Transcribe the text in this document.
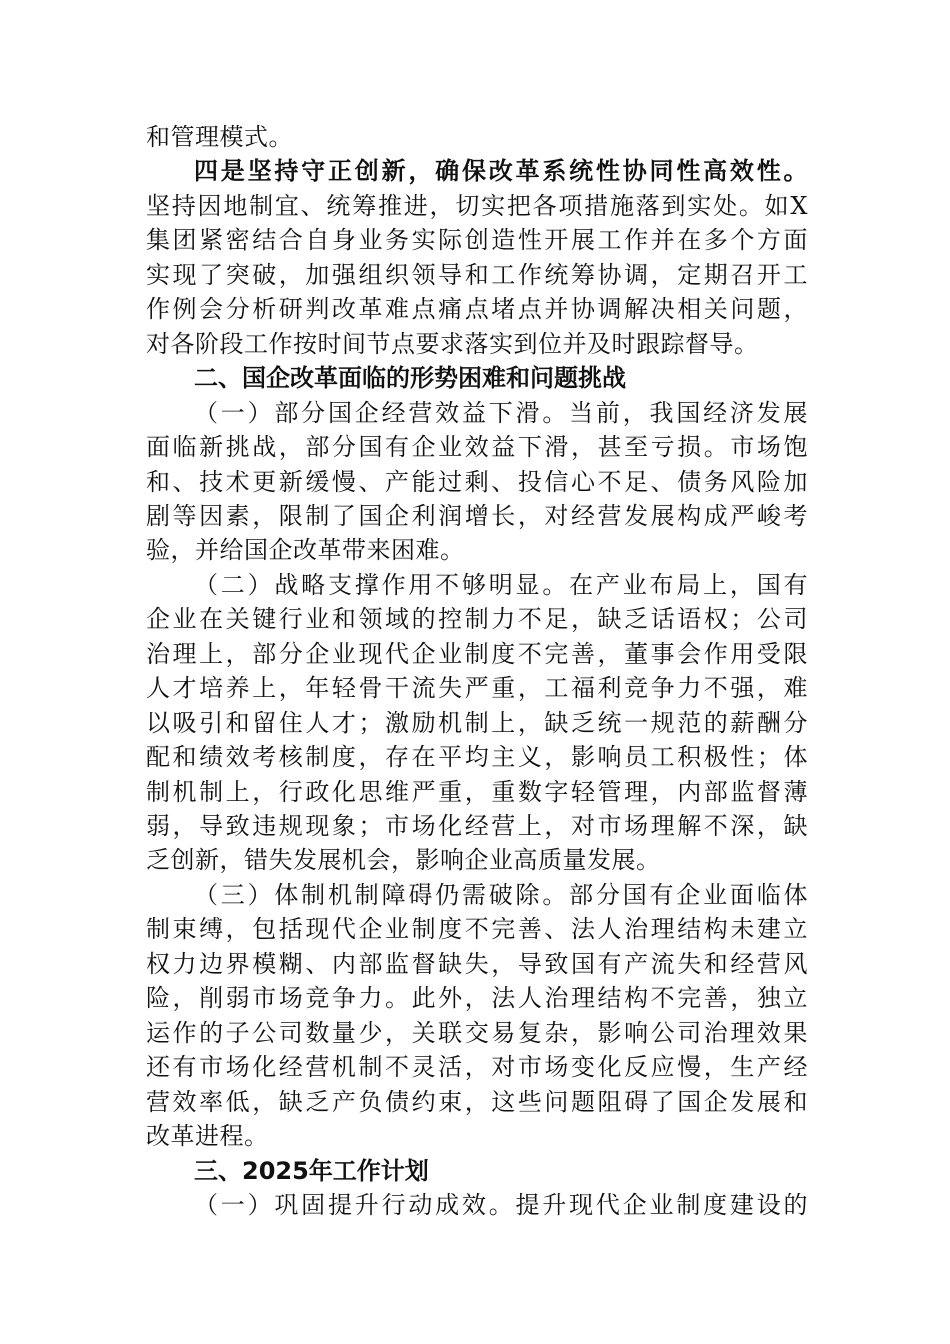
和管理模式。
四是坚持守正创新，确保改革系统性协同性高效性。
坚持因地制宜、统筹推进，切实把各项措施落到实处。如X
集团紧密结合自身业务实际创造性开展工作并在多个方面
实现了突破，加强组织领导和工作统筹协调，定期召开工
作例会分析研判改革难点痛点堵点并协调解决相关问题，
对各阶段工作按时间节点要求落实到位并及时跟踪督导。
二、国企改革面临的形势困难和问题挑战
（一）部分国企经营效益下滑。当前，我国经济发展
面临新挑战，部分国有企业效益下滑，甚至亏损。市场饱
和、技术更新缓慢、产能过剩、投信心不足、债务风险加
剧等因素，限制了国企利润增长，对经营发展构成严峻考
验，并给国企改革带来困难。
（二）战略支撑作用不够明显。在产业布局上，国有
企业在关键行业和领域的控制力不足，缺乏话语权；公司
治理上，部分企业现代企业制度不完善，董事会作用受限
人才培养上，年轻骨干流失严重，工福利竞争力不强，难
以吸引和留住人才；激励机制上，缺乏统一规范的薪酬分
配和绩效考核制度，存在平均主义，影响员工积极性；体
制机制上，行政化思维严重，重数字轻管理，内部监督薄
弱，导致违规现象；市场化经营上，对市场理解不深，缺
乏创新，错失发展机会，影响企业高质量发展。
（三）体制机制障碍仍需破除。部分国有企业面临体
制束缚，包括现代企业制度不完善、法人治理结构未建立
权力边界模糊、内部监督缺失，导致国有产流失和经营风
险，削弱市场竞争力。此外，法人治理结构不完善，独立
运作的子公司数量少，关联交易复杂，影响公司治理效果
还有市场化经营机制不灵活，对市场变化反应慢，生产经
营效率低，缺乏产负债约束，这些问题阻碍了国企发展和
改革进程。
三、2025年工作计划
（一）巩固提升行动成效。提升现代企业制度建设的
